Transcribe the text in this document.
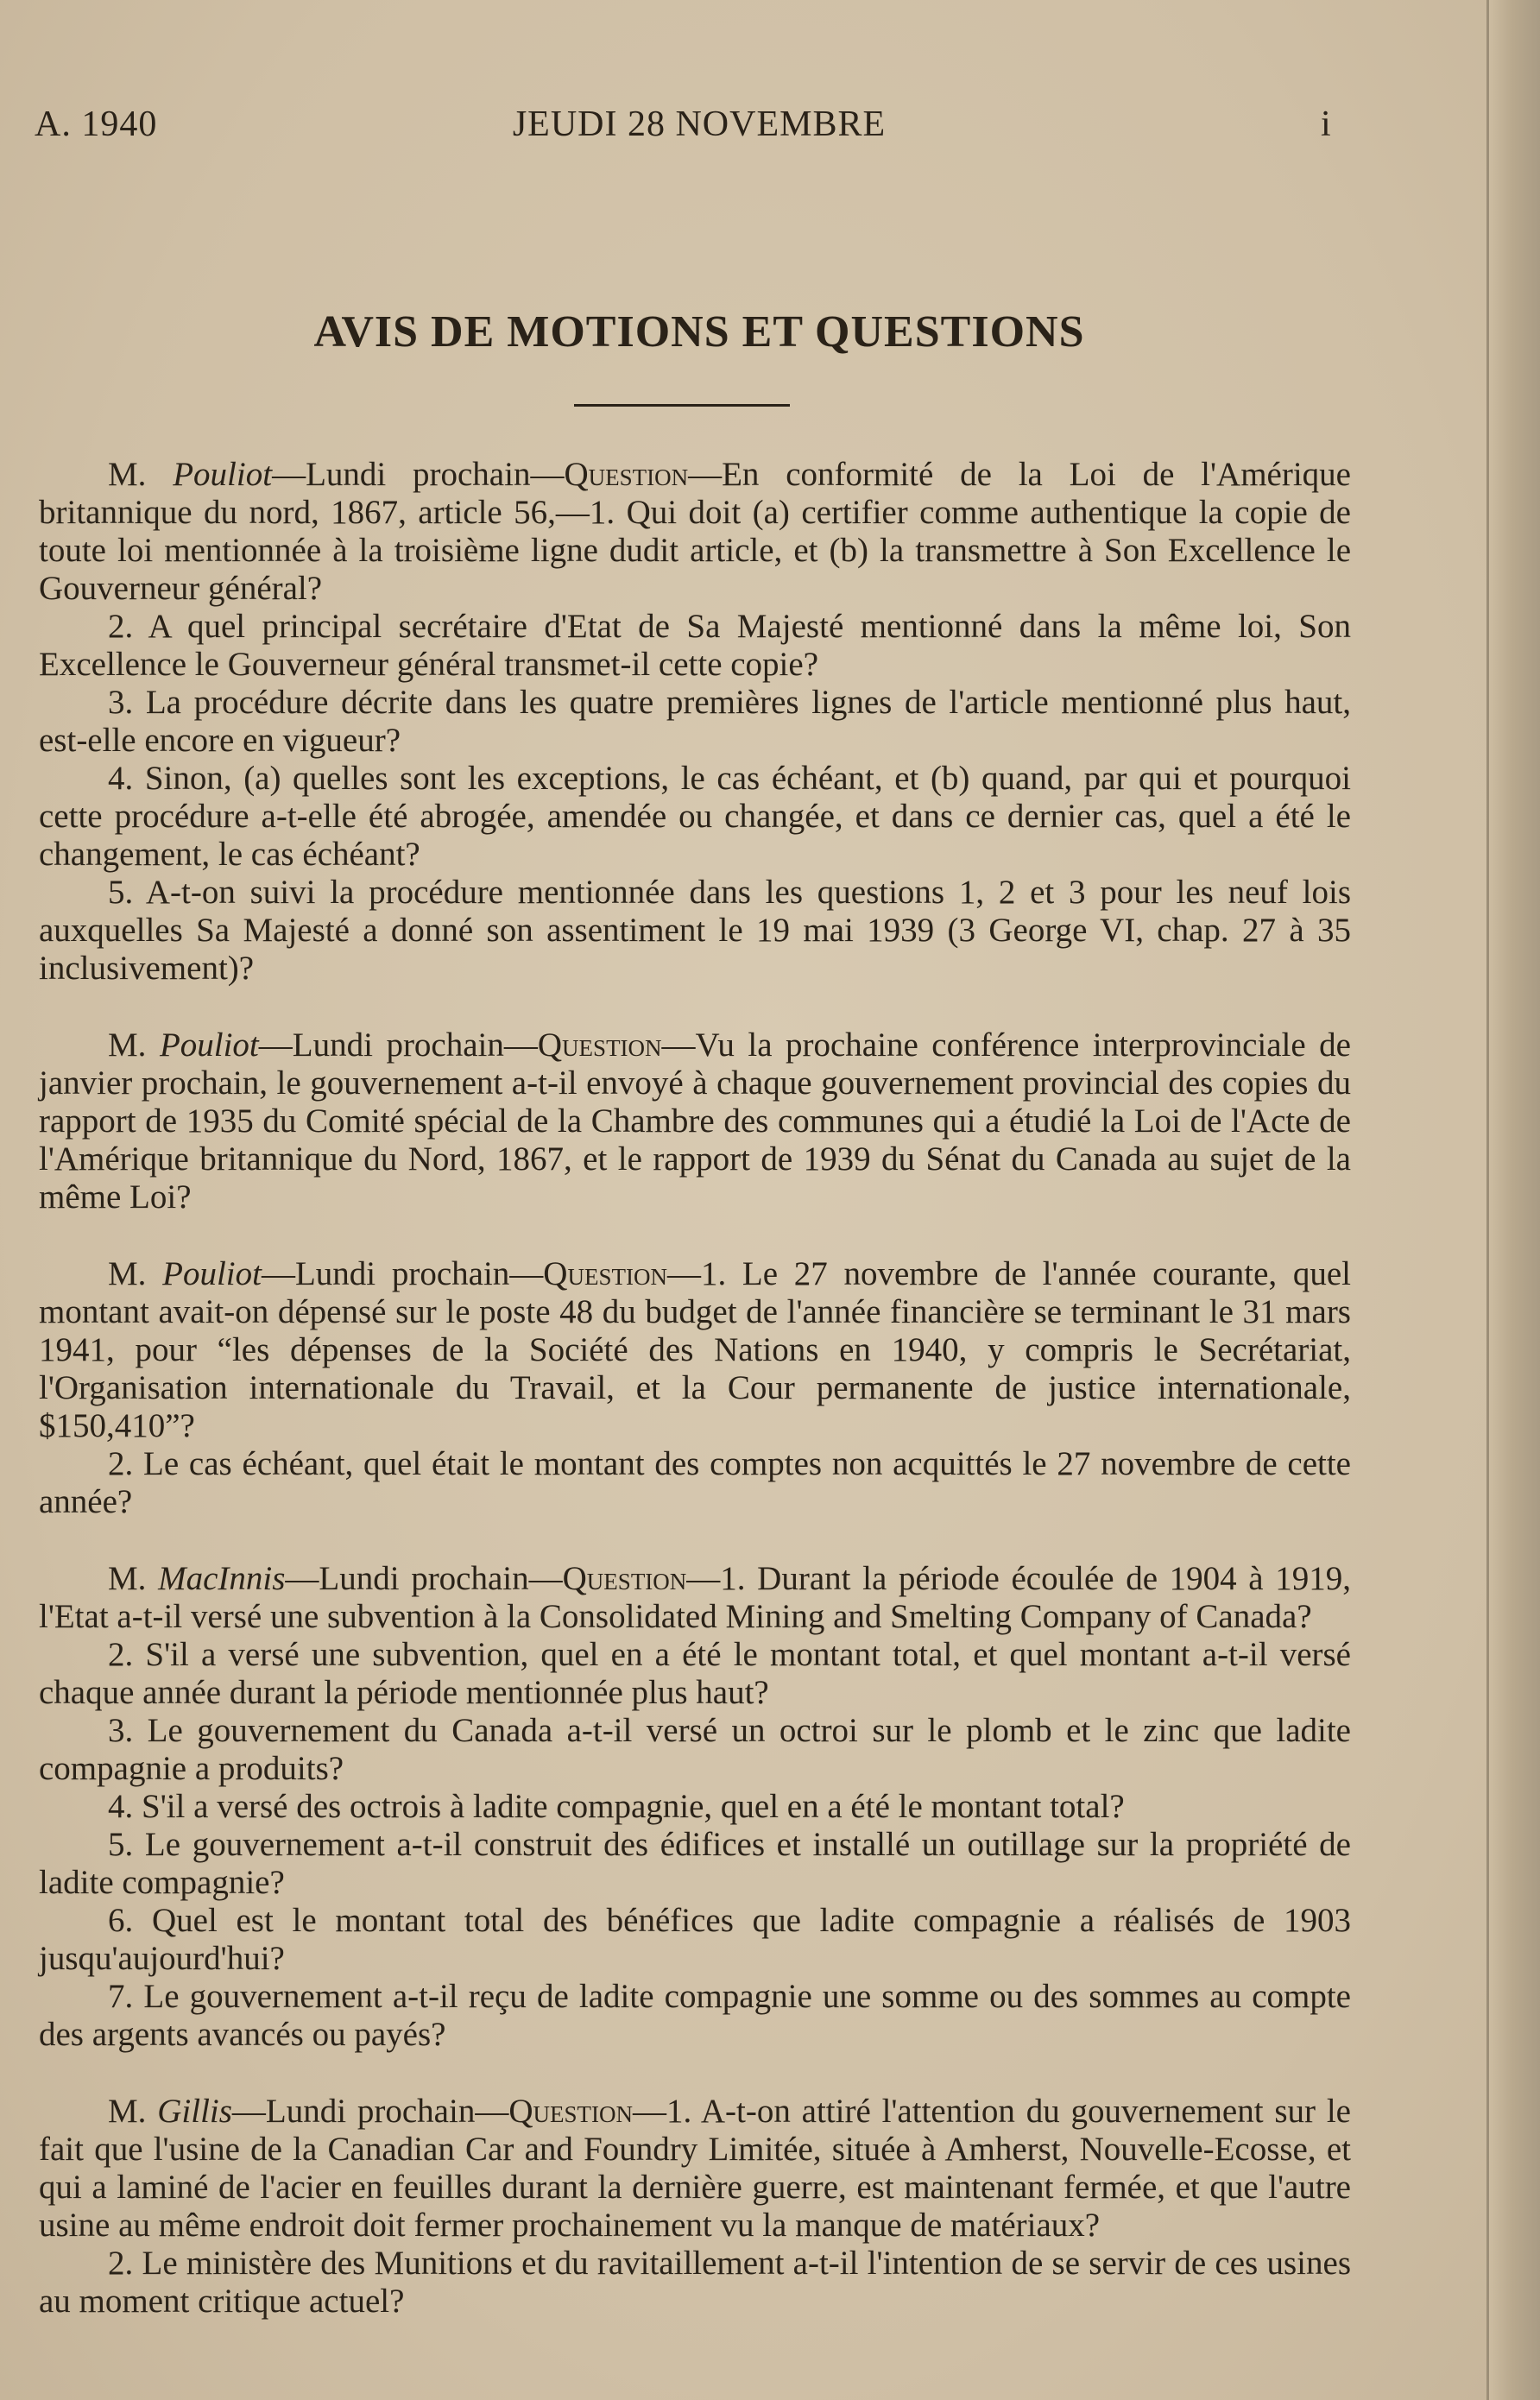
A. 1940	JEUDI 28 NOVEMBRE	i
AVIS DE MOTIONS ET QUESTIONS

M. Pouliot—Lundi prochain—Question—En conformité de la Loi de l'Amérique britannique du nord, 1867, article 56,—1. Qui doit (a) certifier comme authentique la copie de toute loi mentionnée à la troisième ligne dudit article, et (b) la transmettre à Son Excellence le Gouverneur général?

2. A quel principal secrétaire d'Etat de Sa Majesté mentionné dans la même loi, Son Excellence le Gouverneur général transmet-il cette copie?

3. La procédure décrite dans les quatre premières lignes de l'article mentionné plus haut, est-elle encore en vigueur?

4. Sinon, (a) quelles sont les exceptions, le cas échéant, et (b) quand, par qui et pourquoi cette procédure a-t-elle été abrogée, amendée ou changée, et dans ce dernier cas, quel a été le changement, le cas échéant?

5. A-t-on suivi la procédure mentionnée dans les questions 1, 2 et 3 pour les neuf lois auxquelles Sa Majesté a donné son assentiment le 19 mai 1939 (3 George VI, chap. 27 à 35 inclusivement)?

M. Pouliot—Lundi prochain—Question—Vu la prochaine conférence interprovinciale de janvier prochain, le gouvernement a-t-il envoyé à chaque gouvernement provincial des copies du rapport de 1935 du Comité spécial de la Chambre des communes qui a étudié la Loi de l'Acte de l'Amérique britannique du Nord, 1867, et le rapport de 1939 du Sénat du Canada au sujet de la même Loi?

M. Pouliot—Lundi prochain—Question—1. Le 27 novembre de l'année courante, quel montant avait-on dépensé sur le poste 48 du budget de l'année financière se terminant le 31 mars 1941, pour “les dépenses de la Société des Nations en 1940, y compris le Secrétariat, l'Organisation internationale du Travail, et la Cour permanente de justice internationale, $150,410”?

2. Le cas échéant, quel était le montant des comptes non acquittés le 27 novembre de cette année?

M. MacInnis—Lundi prochain—Question—1. Durant la période écoulée de 1904 à 1919, l'Etat a-t-il versé une subvention à la Consolidated Mining and Smelting Company of Canada?

2. S'il a versé une subvention, quel en a été le montant total, et quel montant a-t-il versé chaque année durant la période mentionnée plus haut?

3. Le gouvernement du Canada a-t-il versé un octroi sur le plomb et le zinc que ladite compagnie a produits?

4. S'il a versé des octrois à ladite compagnie, quel en a été le montant total?

5. Le gouvernement a-t-il construit des édifices et installé un outillage sur la propriété de ladite compagnie?

6. Quel est le montant total des bénéfices que ladite compagnie a réalisés de 1903 jusqu'aujourd'hui?

7. Le gouvernement a-t-il reçu de ladite compagnie une somme ou des sommes au compte des argents avancés ou payés?

M. Gillis—Lundi prochain—Question—1. A-t-on attiré l'attention du gouvernement sur le fait que l'usine de la Canadian Car and Foundry Limitée, située à Amherst, Nouvelle-Ecosse, et qui a laminé de l'acier en feuilles durant la dernière guerre, est maintenant fermée, et que l'autre usine au même endroit doit fermer prochainement vu la manque de matériaux?

2. Le ministère des Munitions et du ravitaillement a-t-il l'intention de se servir de ces usines au moment critique actuel?
